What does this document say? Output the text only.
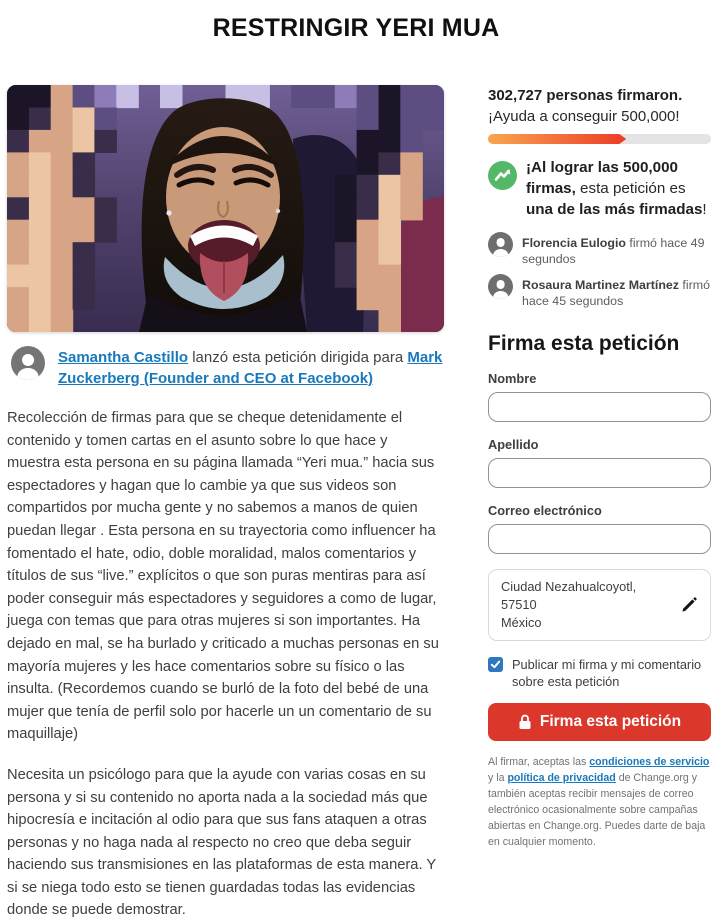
RESTRINGIR YERI MUA
Samantha Castillo lanzó esta petición dirigida para Mark Zuckerberg (Founder and CEO at Facebook)

Recolección de firmas para que se cheque detenidamente el contenido y tomen cartas en el asunto sobre lo que hace y muestra esta persona en su página llamada “Yeri mua.” hacia sus espectadores y hagan que lo cambie ya que sus videos son compartidos por mucha gente y no sabemos a manos de quien puedan llegar . Esta persona en su trayectoria como influencer ha fomentado el hate, odio, doble moralidad, malos comentarios y títulos de sus “live.” explícitos o que son puras mentiras para así poder conseguir más espectadores y seguidores a como de lugar, juega con temas que para otras mujeres si son importantes. Ha dejado en mal, se ha burlado y criticado a muchas personas en su mayoría mujeres y les hace comentarios sobre su físico o las insulta. (Recordemos cuando se burló de la foto del bebé de una mujer que tenía de perfil solo por hacerle un un comentario de su maquillaje)

Necesita un psicólogo para que la ayude con varias cosas en su persona y si su contenido no aporta nada a la sociedad más que hipocresía e incitación al odio para que sus fans ataquen a otras personas y no haga nada al respecto no creo que deba seguir haciendo sus transmisiones en las plataformas de esta manera. Y si se niega todo esto se tienen guardadas todas las evidencias donde se puede demostrar.

302,727 personas firmaron. ¡Ayuda a conseguir 500,000!
¡Al lograr las 500,000 firmas, esta petición es una de las más firmadas!
Florencia Eulogio firmó hace 49 segundos
Rosaura Martinez Martínez firmó hace 45 segundos
Firma esta petición
Nombre
Apellido
Correo electrónico
Ciudad Nezahualcoyotl, 57510
México
Publicar mi firma y mi comentario sobre esta petición
Firma esta petición
Al firmar, aceptas las condiciones de servicio y la política de privacidad de Change.org y también aceptas recibir mensajes de correo electrónico ocasionalmente sobre campañas abiertas en Change.org. Puedes darte de baja en cualquier momento.
